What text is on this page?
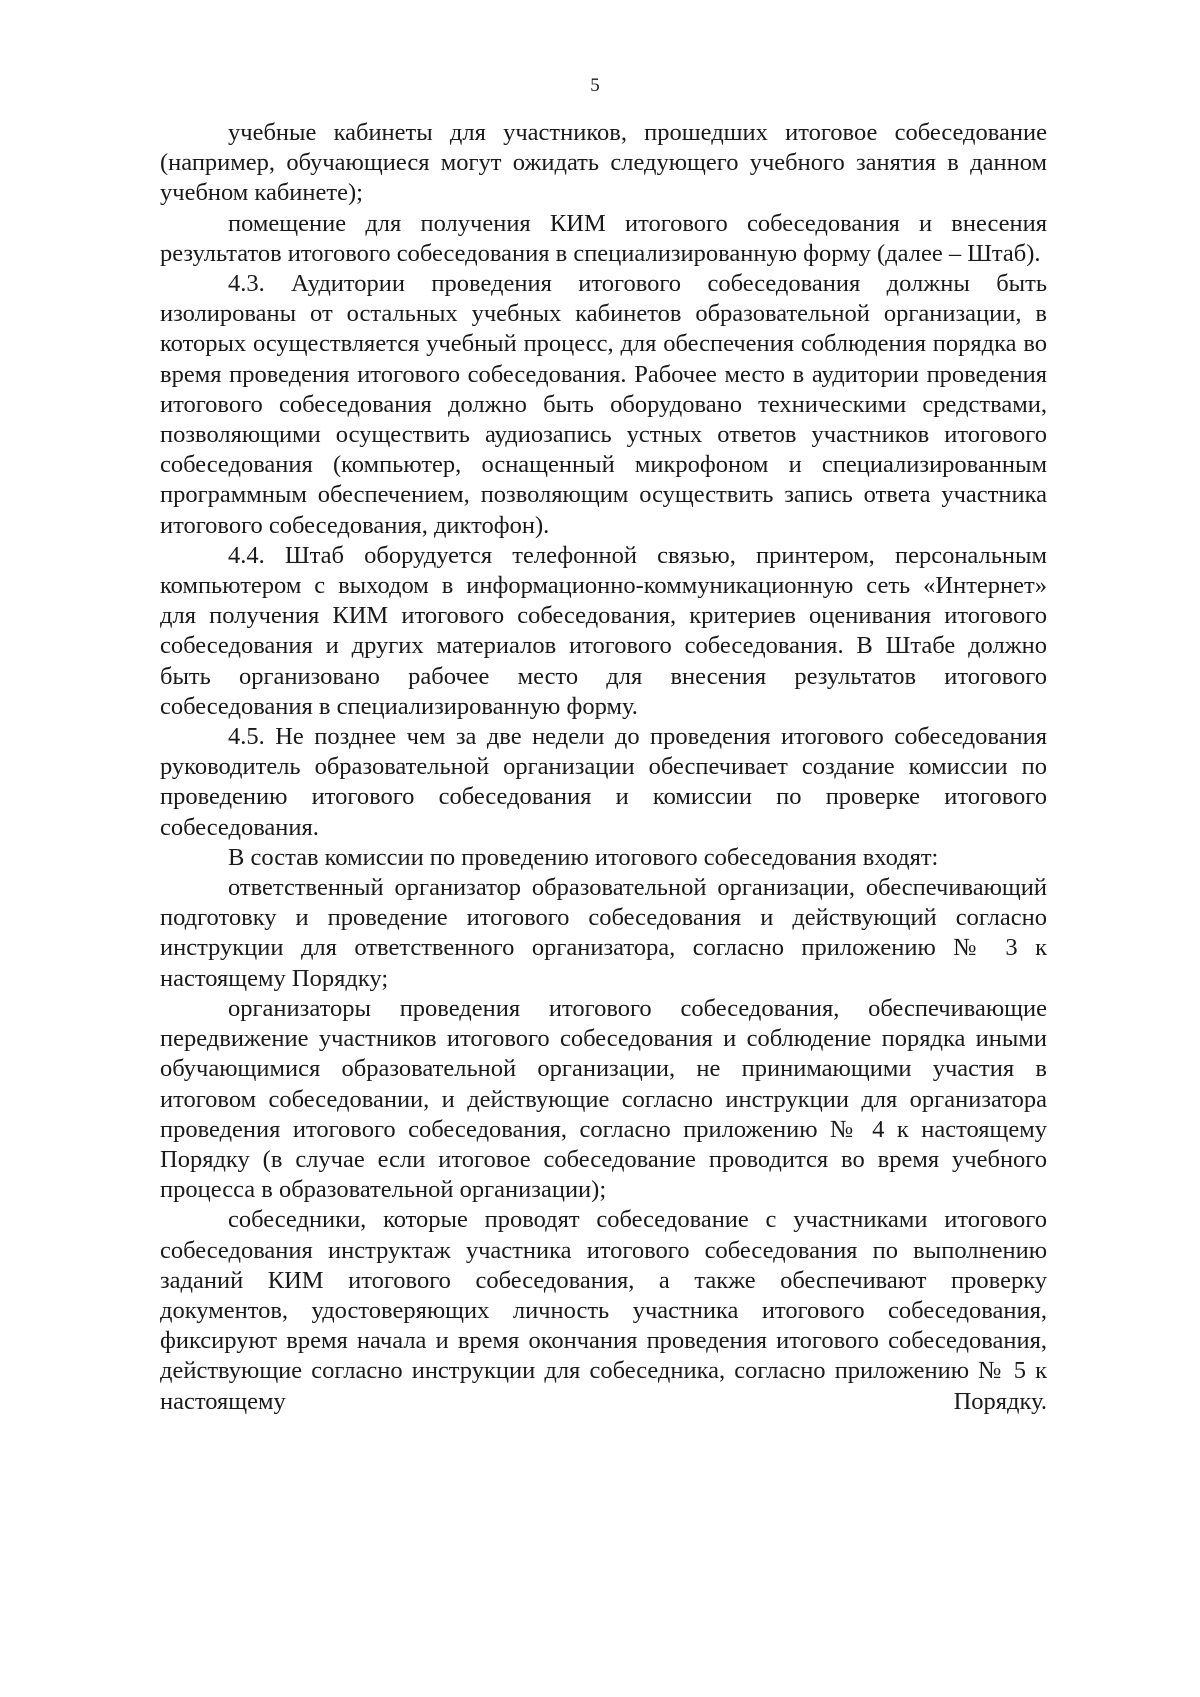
5

учебные кабинеты для участников, прошедших итоговое собеседование (например, обучающиеся могут ожидать следующего учебного занятия в данном учебном кабинете);

помещение для получения КИМ итогового собеседования и внесения результатов итогового собеседования в специализированную форму (далее – Штаб).

4.3. Аудитории проведения итогового собеседования должны быть изолированы от остальных учебных кабинетов образовательной организации, в которых осуществляется учебный процесс, для обеспечения соблюдения порядка во время проведения итогового собеседования. Рабочее место в аудитории проведения итогового собеседования должно быть оборудовано техническими средствами, позволяющими осуществить аудиозапись устных ответов участников итогового собеседования (компьютер, оснащенный микрофоном и специализированным программным обеспечением, позволяющим осуществить запись ответа участника итогового собеседования, диктофон).

4.4. Штаб оборудуется телефонной связью, принтером, персональным компьютером с выходом в информационно-коммуникационную сеть «Интернет» для получения КИМ итогового собеседования, критериев оценивания итогового собеседования и других материалов итогового собеседования. В Штабе должно быть организовано рабочее место для внесения результатов итогового собеседования в специализированную форму.

4.5. Не позднее чем за две недели до проведения итогового собеседования руководитель образовательной организации обеспечивает создание комиссии по проведению итогового собеседования и комиссии по проверке итогового собеседования.

В состав комиссии по проведению итогового собеседования входят:

ответственный организатор образовательной организации, обеспечивающий подготовку и проведение итогового собеседования и действующий согласно инструкции для ответственного организатора, согласно приложению № 3 к настоящему Порядку;

организаторы проведения итогового собеседования, обеспечивающие передвижение участников итогового собеседования и соблюдение порядка иными обучающимися образовательной организации, не принимающими участия в итоговом собеседовании, и действующие согласно инструкции для организатора проведения итогового собеседования, согласно приложению № 4 к настоящему Порядку (в случае если итоговое собеседование проводится во время учебного процесса в образовательной организации);

собеседники, которые проводят собеседование с участниками итогового собеседования инструктаж участника итогового собеседования по выполнению заданий КИМ итогового собеседования, а также обеспечивают проверку документов, удостоверяющих личность участника итогового собеседования, фиксируют время начала и время окончания проведения итогового собеседования, действующие согласно инструкции для собеседника, согласно приложению № 5 к настоящему Порядку.
